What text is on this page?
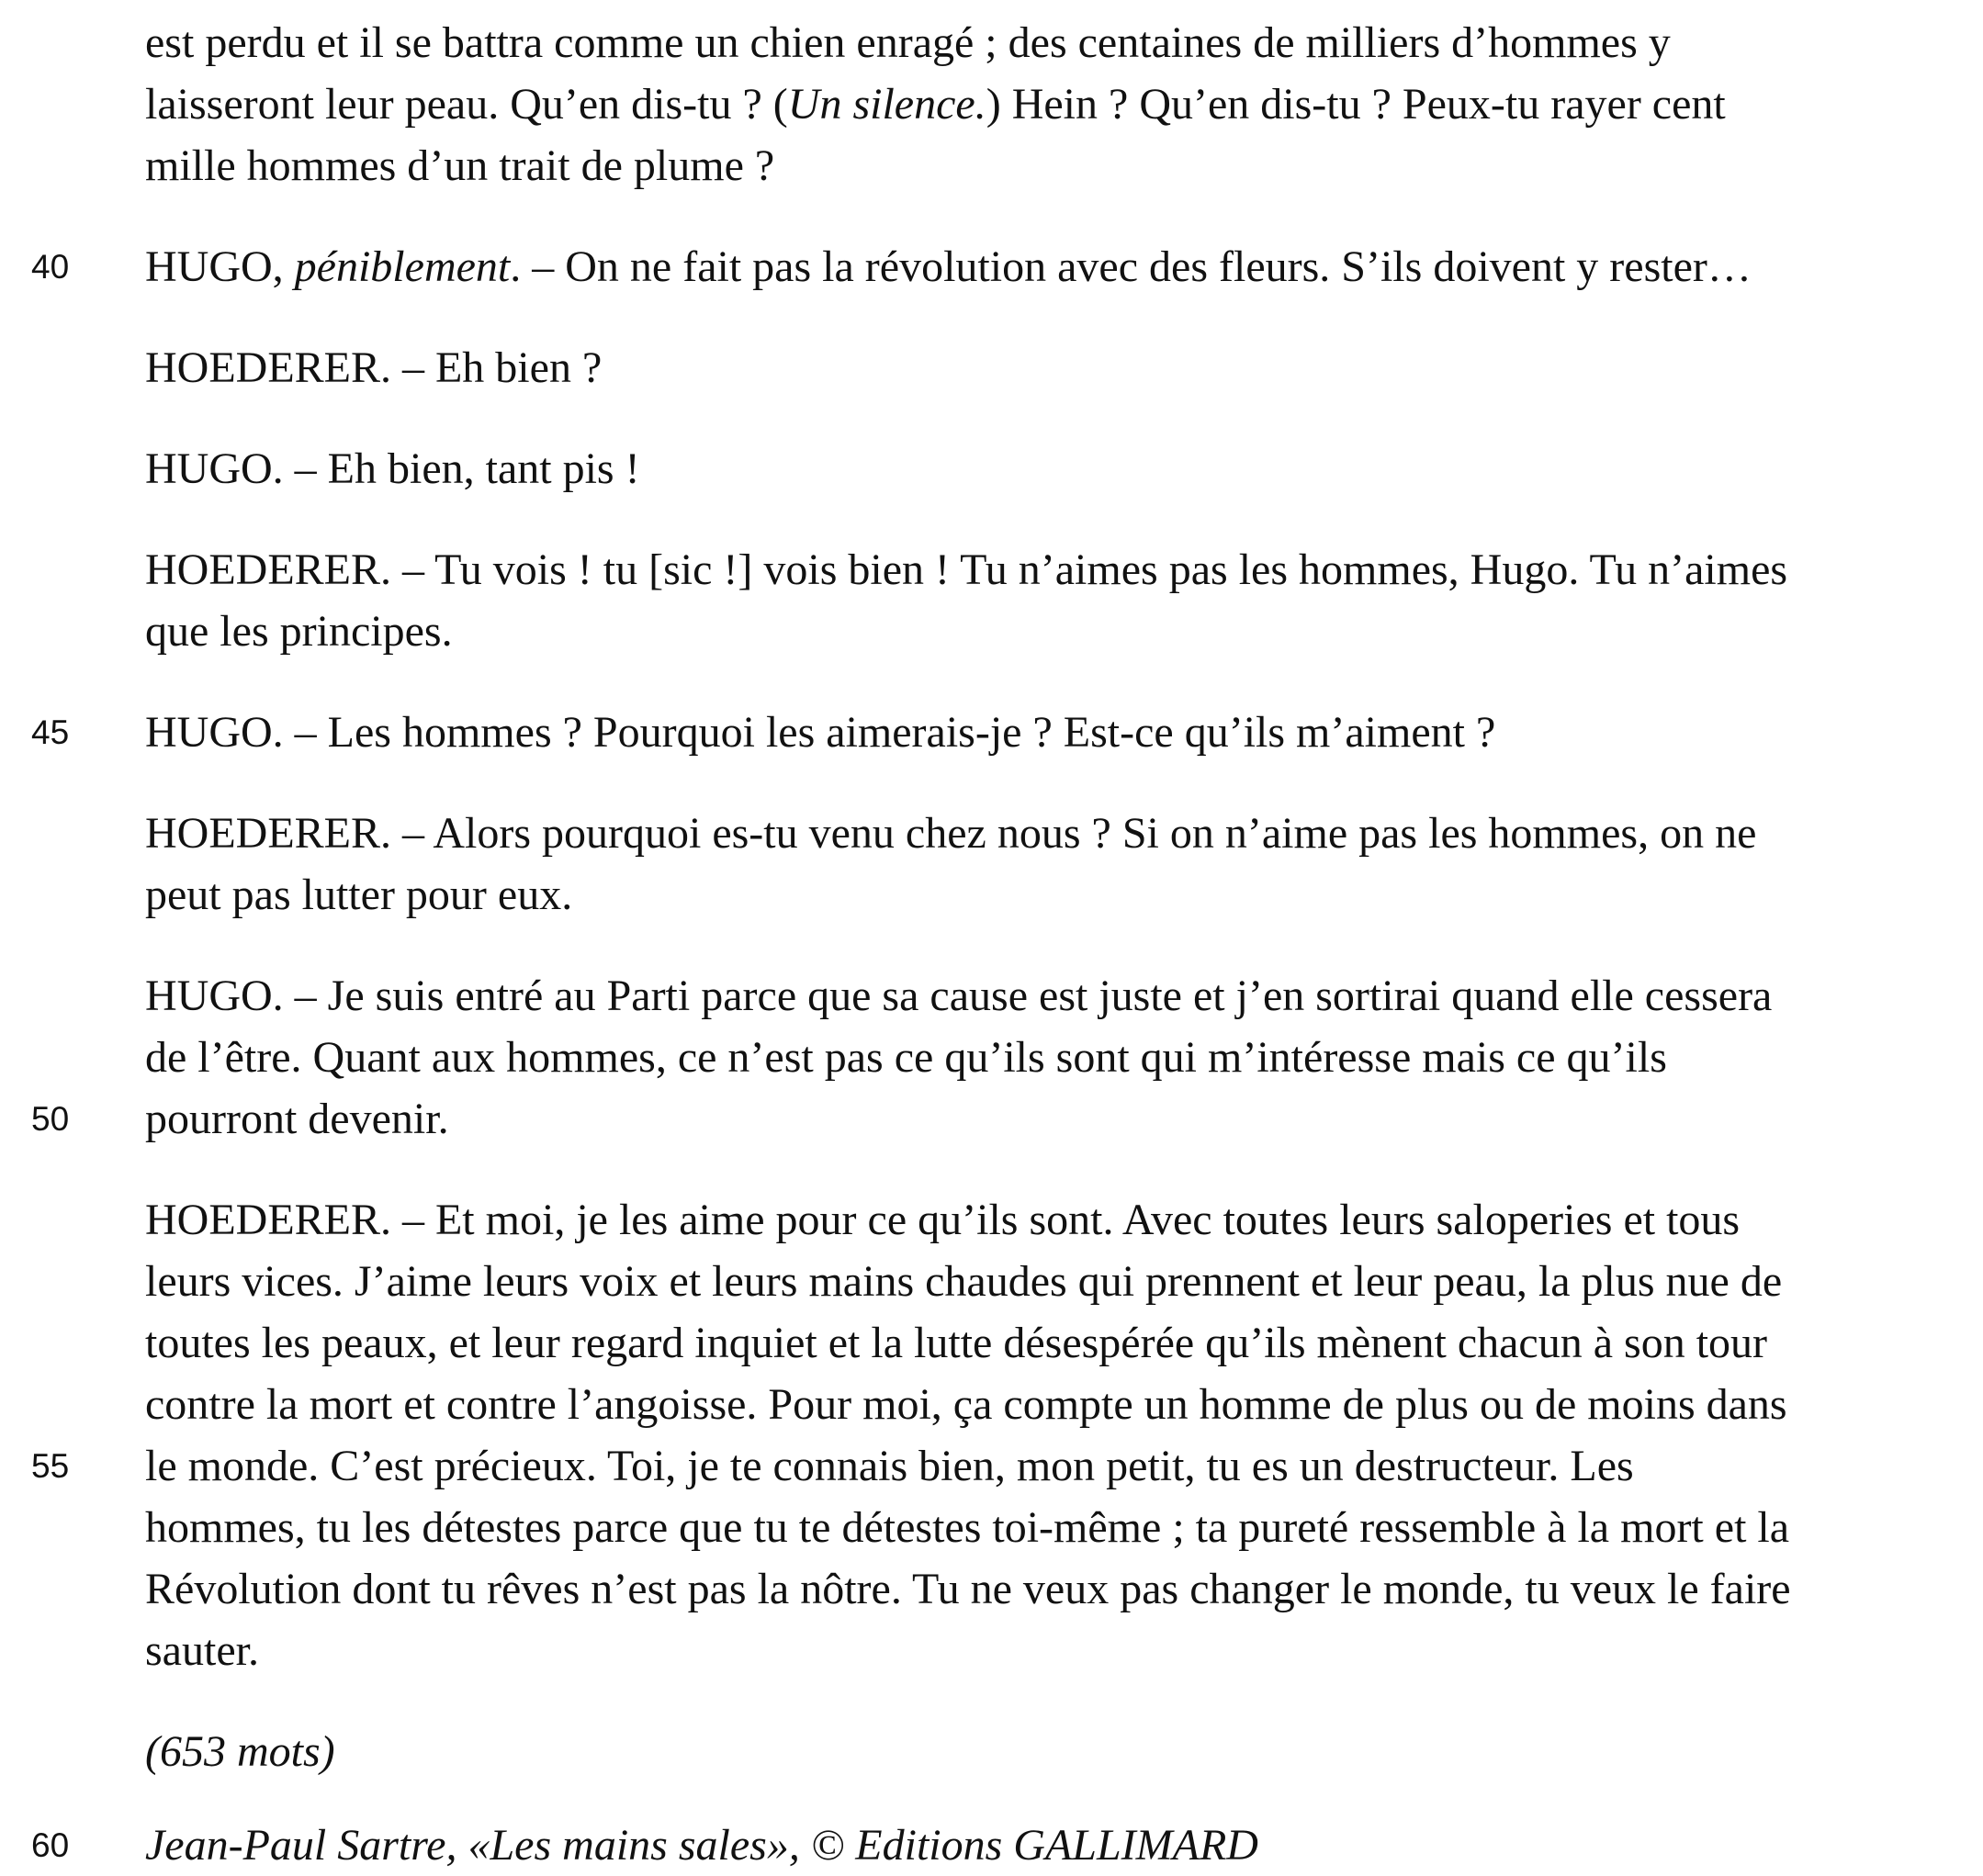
est perdu et il se battra comme un chien enragé ; des centaines de milliers d’hommes y
laisseront leur peau. Qu’en dis-tu ? (Un silence.) Hein ? Qu’en dis-tu ? Peux-tu rayer cent
mille hommes d’un trait de plume ?
40 HUGO, péniblement. – On ne fait pas la révolution avec des fleurs. S’ils doivent y rester…
HOEDERER. – Eh bien ?
HUGO. – Eh bien, tant pis !
HOEDERER. – Tu vois ! tu [sic !] vois bien ! Tu n’aimes pas les hommes, Hugo. Tu n’aimes
que les principes.
45 HUGO. – Les hommes ? Pourquoi les aimerais-je ? Est-ce qu’ils m’aiment ?
HOEDERER. – Alors pourquoi es-tu venu chez nous ? Si on n’aime pas les hommes, on ne
peut pas lutter pour eux.
HUGO. – Je suis entré au Parti parce que sa cause est juste et j’en sortirai quand elle cessera
de l’être. Quant aux hommes, ce n’est pas ce qu’ils sont qui m’intéresse mais ce qu’ils
50 pourront devenir.
HOEDERER. – Et moi, je les aime pour ce qu’ils sont. Avec toutes leurs saloperies et tous
leurs vices. J’aime leurs voix et leurs mains chaudes qui prennent et leur peau, la plus nue de
toutes les peaux, et leur regard inquiet et la lutte désespérée qu’ils mènent chacun à son tour
contre la mort et contre l’angoisse. Pour moi, ça compte un homme de plus ou de moins dans
55 le monde. C’est précieux. Toi, je te connais bien, mon petit, tu es un destructeur. Les
hommes, tu les détestes parce que tu te détestes toi-même ; ta pureté ressemble à la mort et la
Révolution dont tu rêves n’est pas la nôtre. Tu ne veux pas changer le monde, tu veux le faire
sauter.
(653 mots)
60 Jean-Paul Sartre, «Les mains sales», © Editions GALLIMARD
